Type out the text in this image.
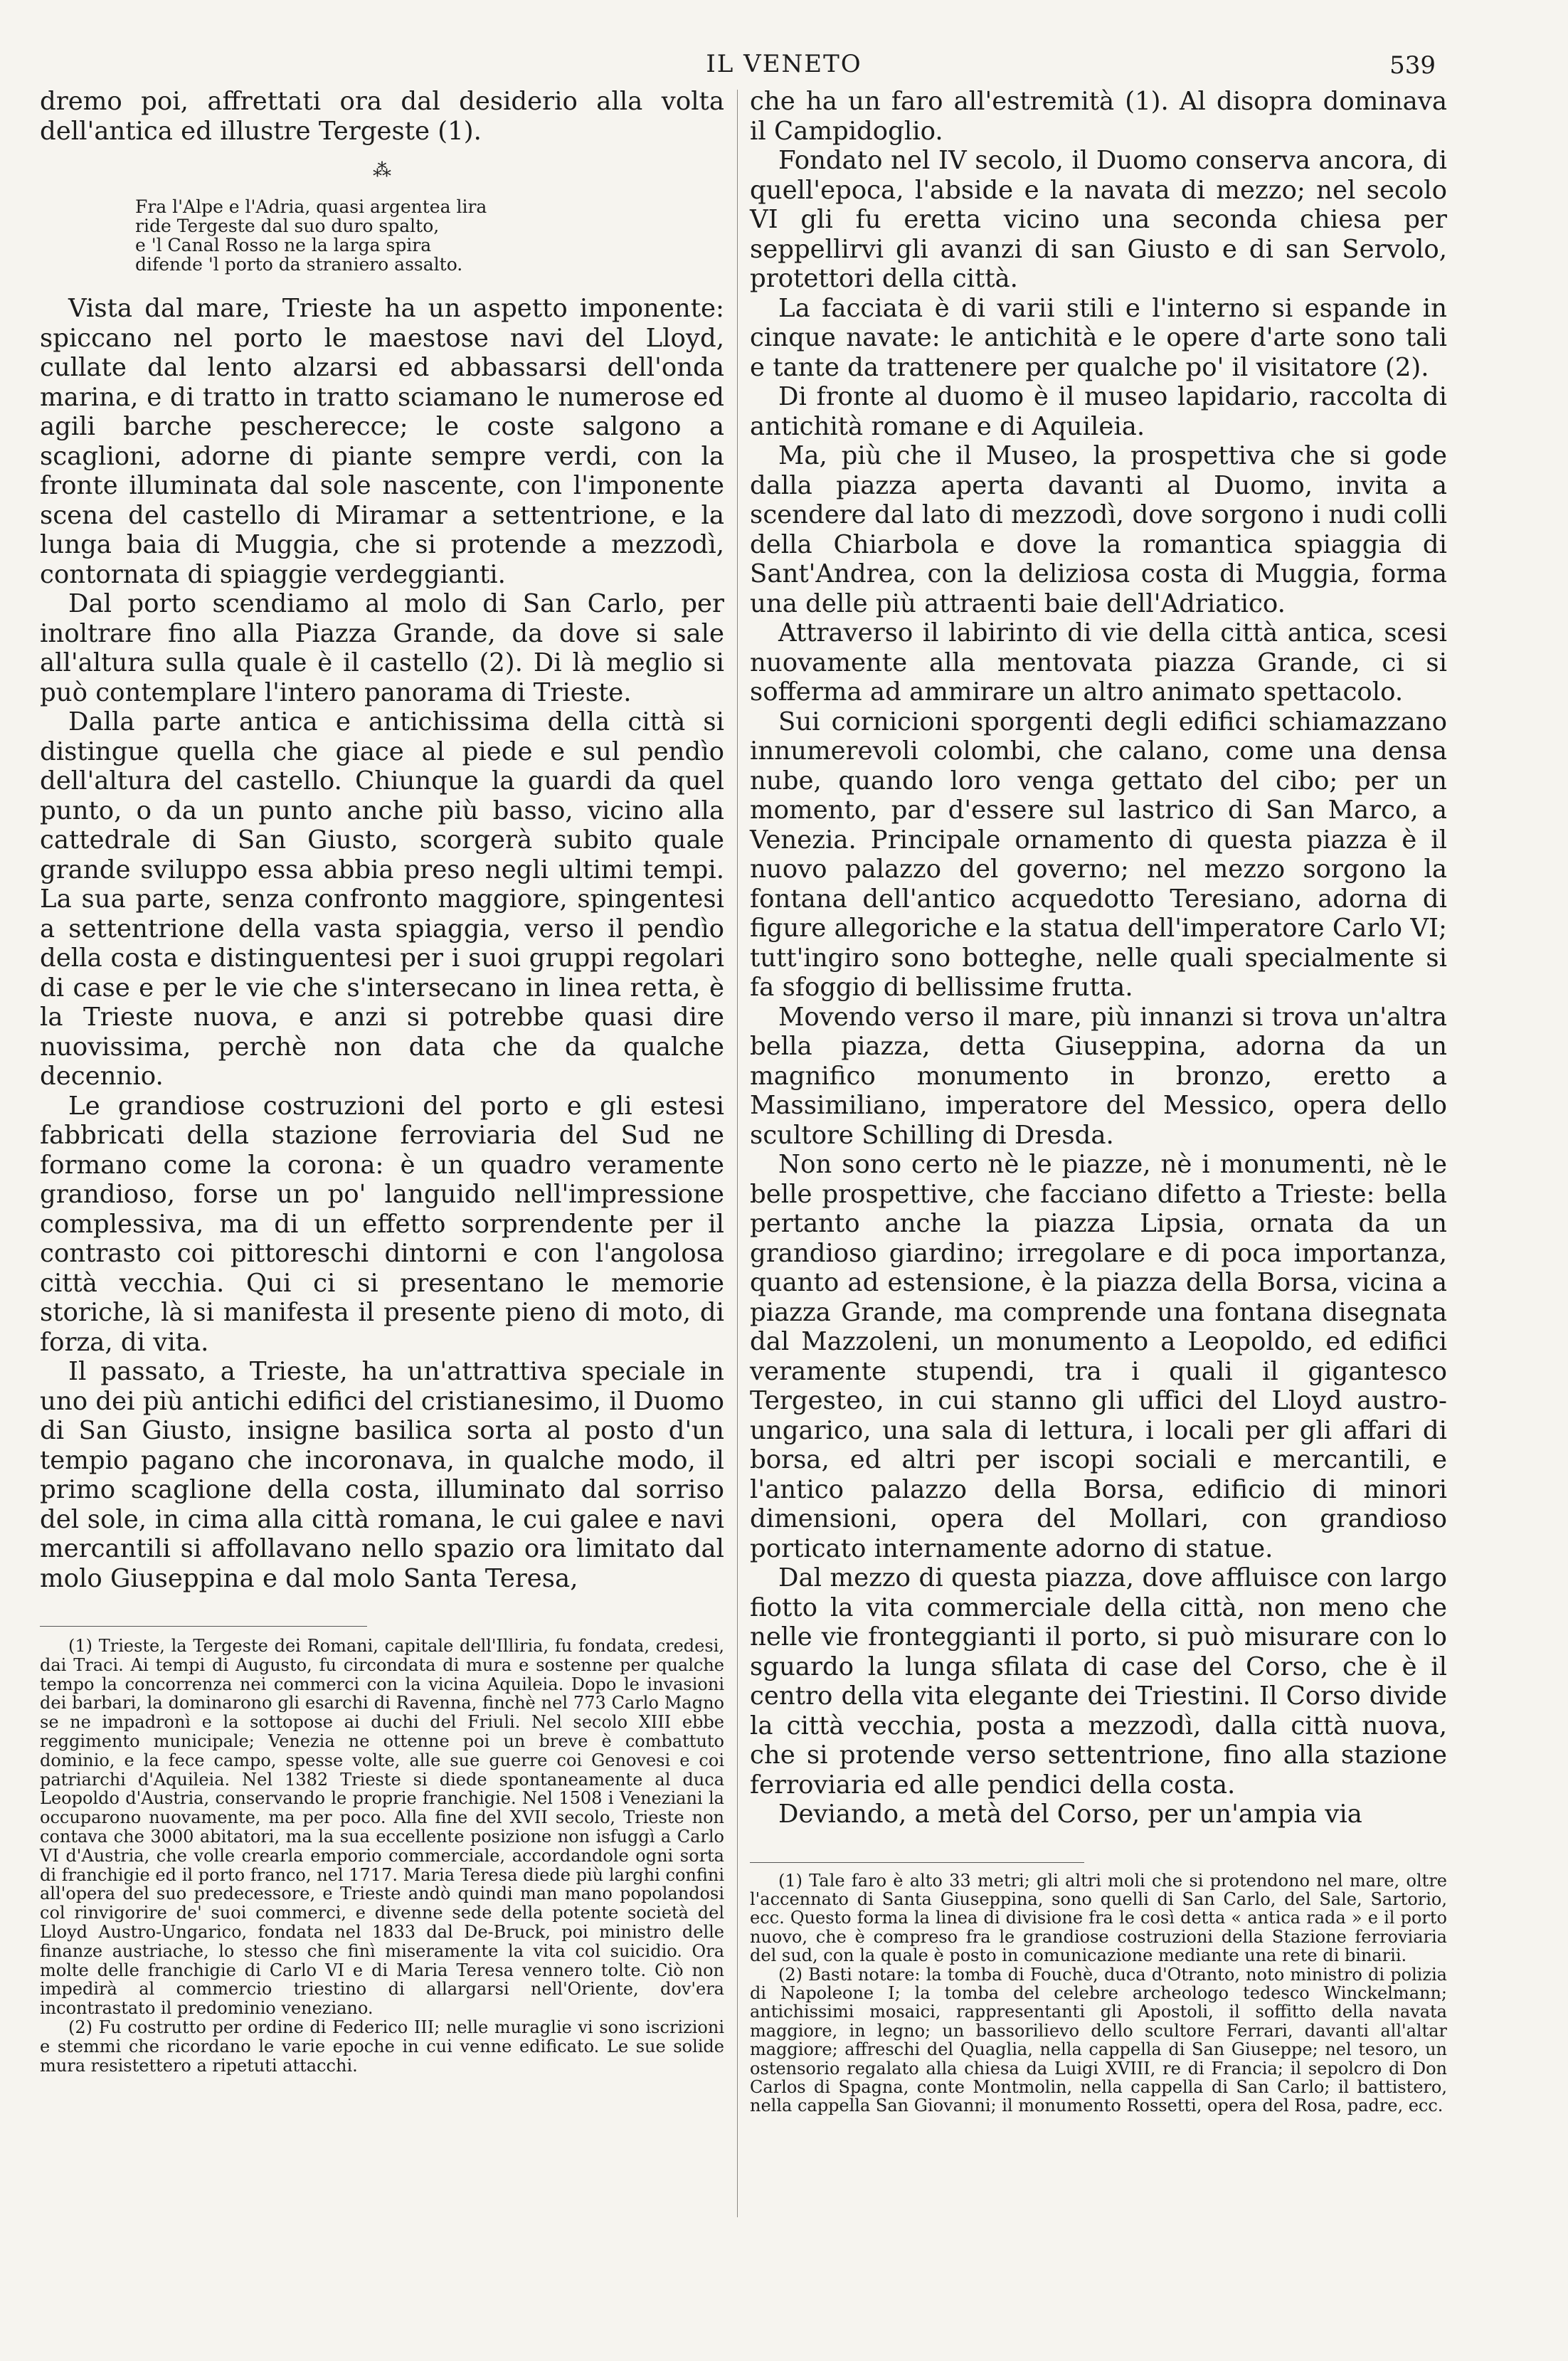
IL VENETO	539

dremo poi, affrettati ora dal desiderio alla volta dell'antica ed illustre Tergeste (1).

⁂
Fra l'Alpe e l'Adria, quasi argentea lira
ride Tergeste dal suo duro spalto,
e 'l Canal Rosso ne la larga spira
difende 'l porto da straniero assalto.

Vista dal mare, Trieste ha un aspetto imponente: spiccano nel porto le maestose navi del Lloyd, cullate dal lento alzarsi ed abbassarsi dell'onda marina, e di tratto in tratto sciamano le numerose ed agili barche pescherecce; le coste salgono a scaglioni, adorne di piante sempre verdi, con la fronte illuminata dal sole nascente, con l'imponente scena del castello di Miramar a settentrione, e la lunga baia di Muggia, che si protende a mezzodì, contornata di spiaggie verdeggianti.

Dal porto scendiamo al molo di San Carlo, per inoltrare fino alla Piazza Grande, da dove si sale all'altura sulla quale è il castello (2). Di là meglio si può contemplare l'intero panorama di Trieste.

Dalla parte antica e antichissima della città si distingue quella che giace al piede e sul pendìo dell'altura del castello. Chiunque la guardi da quel punto, o da un punto anche più basso, vicino alla cattedrale di San Giusto, scorgerà subito quale grande sviluppo essa abbia preso negli ultimi tempi. La sua parte, senza confronto maggiore, spingentesi a settentrione della vasta spiaggia, verso il pendìo della costa e distinguentesi per i suoi gruppi regolari di case e per le vie che s'intersecano in linea retta, è la Trieste nuova, e anzi si potrebbe quasi dire nuovissima, perchè non data che da qualche decennio.

Le grandiose costruzioni del porto e gli estesi fabbricati della stazione ferroviaria del Sud ne formano come la corona: è un quadro veramente grandioso, forse un po' languido nell'impressione complessiva, ma di un effetto sorprendente per il contrasto coi pittoreschi dintorni e con l'angolosa città vecchia. Qui ci si presentano le memorie storiche, là si manifesta il presente pieno di moto, di forza, di vita.

Il passato, a Trieste, ha un'attrattiva speciale in uno dei più antichi edifici del cristianesimo, il Duomo di San Giusto, insigne basilica sorta al posto d'un tempio pagano che incoronava, in qualche modo, il primo scaglione della costa, illuminato dal sorriso del sole, in cima alla città romana, le cui galee e navi mercantili si affollavano nello spazio ora limitato dal molo Giuseppina e dal molo Santa Teresa,

(1) Trieste, la Tergeste dei Romani, capitale dell'Illiria, fu fondata, credesi, dai Traci. Ai tempi di Augusto, fu circondata di mura e sostenne per qualche tempo la concorrenza nei commerci con la vicina Aquileia. Dopo le invasioni dei barbari, la dominarono gli esarchi di Ravenna, finchè nel 773 Carlo Magno se ne impadronì e la sottopose ai duchi del Friuli. Nel secolo XIII ebbe reggimento municipale; Venezia ne ottenne poi un breve è combattuto dominio, e la fece campo, spesse volte, alle sue guerre coi Genovesi e coi patriarchi d'Aquileia. Nel 1382 Trieste si diede spontaneamente al duca Leopoldo d'Austria, conservando le proprie franchigie. Nel 1508 i Veneziani la occuparono nuovamente, ma per poco. Alla fine del XVII secolo, Trieste non contava che 3000 abitatori, ma la sua eccellente posizione non isfuggì a Carlo VI d'Austria, che volle crearla emporio commerciale, accordandole ogni sorta di franchigie ed il porto franco, nel 1717. Maria Teresa diede più larghi confini all'opera del suo predecessore, e Trieste andò quindi man mano popolandosi col rinvigorire de' suoi commerci, e divenne sede della potente società del Lloyd Austro-Ungarico, fondata nel 1833 dal De-Bruck, poi ministro delle finanze austriache, lo stesso che finì miseramente la vita col suicidio. Ora molte delle franchigie di Carlo VI e di Maria Teresa vennero tolte. Ciò non impedirà al commercio triestino di allargarsi nell'Oriente, dov'era incontrastato il predominio veneziano.

(2) Fu costrutto per ordine di Federico III; nelle muraglie vi sono iscrizioni e stemmi che ricordano le varie epoche in cui venne edificato. Le sue solide mura resistettero a ripetuti attacchi.

che ha un faro all'estremità (1). Al disopra dominava il Campidoglio.

Fondato nel IV secolo, il Duomo conserva ancora, di quell'epoca, l'abside e la navata di mezzo; nel secolo VI gli fu eretta vicino una seconda chiesa per seppellirvi gli avanzi di san Giusto e di san Servolo, protettori della città.

La facciata è di varii stili e l'interno si espande in cinque navate: le antichità e le opere d'arte sono tali e tante da trattenere per qualche po' il visitatore (2).

Di fronte al duomo è il museo lapidario, raccolta di antichità romane e di Aquileia.

Ma, più che il Museo, la prospettiva che si gode dalla piazza aperta davanti al Duomo, invita a scendere dal lato di mezzodì, dove sorgono i nudi colli della Chiarbola e dove la romantica spiaggia di Sant'Andrea, con la deliziosa costa di Muggia, forma una delle più attraenti baie dell'Adriatico.

Attraverso il labirinto di vie della città antica, scesi nuovamente alla mentovata piazza Grande, ci si sofferma ad ammirare un altro animato spettacolo.

Sui cornicioni sporgenti degli edifici schiamazzano innumerevoli colombi, che calano, come una densa nube, quando loro venga gettato del cibo; per un momento, par d'essere sul lastrico di San Marco, a Venezia. Principale ornamento di questa piazza è il nuovo palazzo del governo; nel mezzo sorgono la fontana dell'antico acquedotto Teresiano, adorna di figure allegoriche e la statua dell'imperatore Carlo VI; tutt'ingiro sono botteghe, nelle quali specialmente si fa sfoggio di bellissime frutta.

Movendo verso il mare, più innanzi si trova un'altra bella piazza, detta Giuseppina, adorna da un magnifico monumento in bronzo, eretto a Massimiliano, imperatore del Messico, opera dello scultore Schilling di Dresda.

Non sono certo nè le piazze, nè i monumenti, nè le belle prospettive, che facciano difetto a Trieste: bella pertanto anche la piazza Lipsia, ornata da un grandioso giardino; irregolare e di poca importanza, quanto ad estensione, è la piazza della Borsa, vicina a piazza Grande, ma comprende una fontana disegnata dal Mazzoleni, un monumento a Leopoldo, ed edifici veramente stupendi, tra i quali il gigantesco Tergesteo, in cui stanno gli uffici del Lloyd austro-ungarico, una sala di lettura, i locali per gli affari di borsa, ed altri per iscopi sociali e mercantili, e l'antico palazzo della Borsa, edificio di minori dimensioni, opera del Mollari, con grandioso porticato internamente adorno di statue.

Dal mezzo di questa piazza, dove affluisce con largo fiotto la vita commerciale della città, non meno che nelle vie fronteggianti il porto, si può misurare con lo sguardo la lunga sfilata di case del Corso, che è il centro della vita elegante dei Triestini. Il Corso divide la città vecchia, posta a mezzodì, dalla città nuova, che si protende verso settentrione, fino alla stazione ferroviaria ed alle pendici della costa.

Deviando, a metà del Corso, per un'ampia via

(1) Tale faro è alto 33 metri; gli altri moli che si protendono nel mare, oltre l'accennato di Santa Giuseppina, sono quelli di San Carlo, del Sale, Sartorio, ecc. Questo forma la linea di divisione fra le così detta « antica rada » e il porto nuovo, che è compreso fra le grandiose costruzioni della Stazione ferroviaria del sud, con la quale è posto in comunicazione mediante una rete di binarii.

(2) Basti notare: la tomba di Fouchè, duca d'Otranto, noto ministro di polizia di Napoleone I; la tomba del celebre archeologo tedesco Winckelmann; antichissimi mosaici, rappresentanti gli Apostoli, il soffitto della navata maggiore, in legno; un bassorilievo dello scultore Ferrari, davanti all'altar maggiore; affreschi del Quaglia, nella cappella di San Giuseppe; nel tesoro, un ostensorio regalato alla chiesa da Luigi XVIII, re di Francia; il sepolcro di Don Carlos di Spagna, conte Montmolin, nella cappella di San Carlo; il battistero, nella cappella San Giovanni; il monumento Rossetti, opera del Rosa, padre, ecc.
